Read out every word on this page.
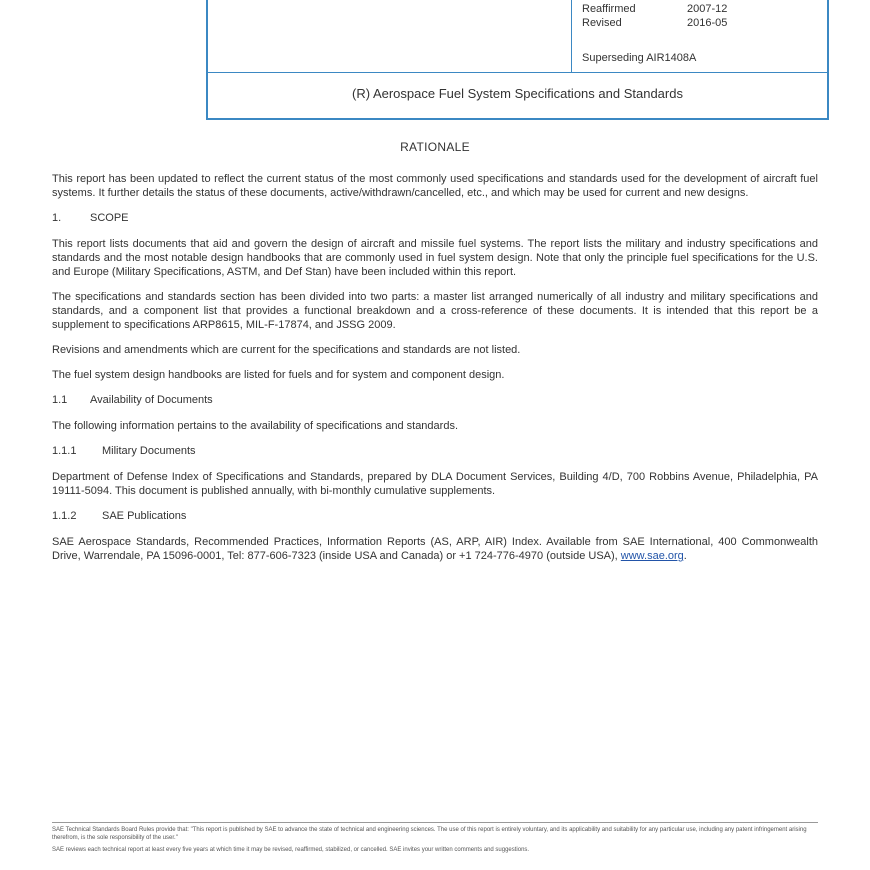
Reaffirmed	2007-12
Revised	2016-05
Superseding AIR1408A
(R) Aerospace Fuel System Specifications and Standards
RATIONALE

This report has been updated to reflect the current status of the most commonly used specifications and standards used for the development of aircraft fuel systems. It further details the status of these documents, active/withdrawn/cancelled, etc., and which may be used for current and new designs.

1.	SCOPE

This report lists documents that aid and govern the design of aircraft and missile fuel systems. The report lists the military and industry specifications and standards and the most notable design handbooks that are commonly used in fuel system design. Note that only the principle fuel specifications for the U.S. and Europe (Military Specifications, ASTM, and Def Stan) have been included within this report.

The specifications and standards section has been divided into two parts: a master list arranged numerically of all industry and military specifications and standards, and a component list that provides a functional breakdown and a cross-reference of these documents. It is intended that this report be a supplement to specifications ARP8615, MIL-F-17874, and JSSG 2009.

Revisions and amendments which are current for the specifications and standards are not listed.

The fuel system design handbooks are listed for fuels and for system and component design.

1.1 Availability of Documents

The following information pertains to the availability of specifications and standards.

1.1.1 Military Documents

Department of Defense Index of Specifications and Standards, prepared by DLA Document Services, Building 4/D, 700 Robbins Avenue, Philadelphia, PA 19111-5094. This document is published annually, with bi-monthly cumulative supplements.

1.1.2 SAE Publications

SAE Aerospace Standards, Recommended Practices, Information Reports (AS, ARP, AIR) Index. Available from SAE International, 400 Commonwealth Drive, Warrendale, PA 15096-0001, Tel: 877-606-7323 (inside USA and Canada) or +1 724-776-4970 (outside USA), www.sae.org.

SAE Technical Standards Board Rules provide that: "This report is published by SAE to advance the state of technical and engineering sciences. The use of this report is entirely voluntary, and its applicability and suitability for any particular use, including any patent infringement arising therefrom, is the sole responsibility of the user."

SAE reviews each technical report at least every five years at which time it may be revised, reaffirmed, stabilized, or cancelled. SAE invites your written comments and suggestions.
